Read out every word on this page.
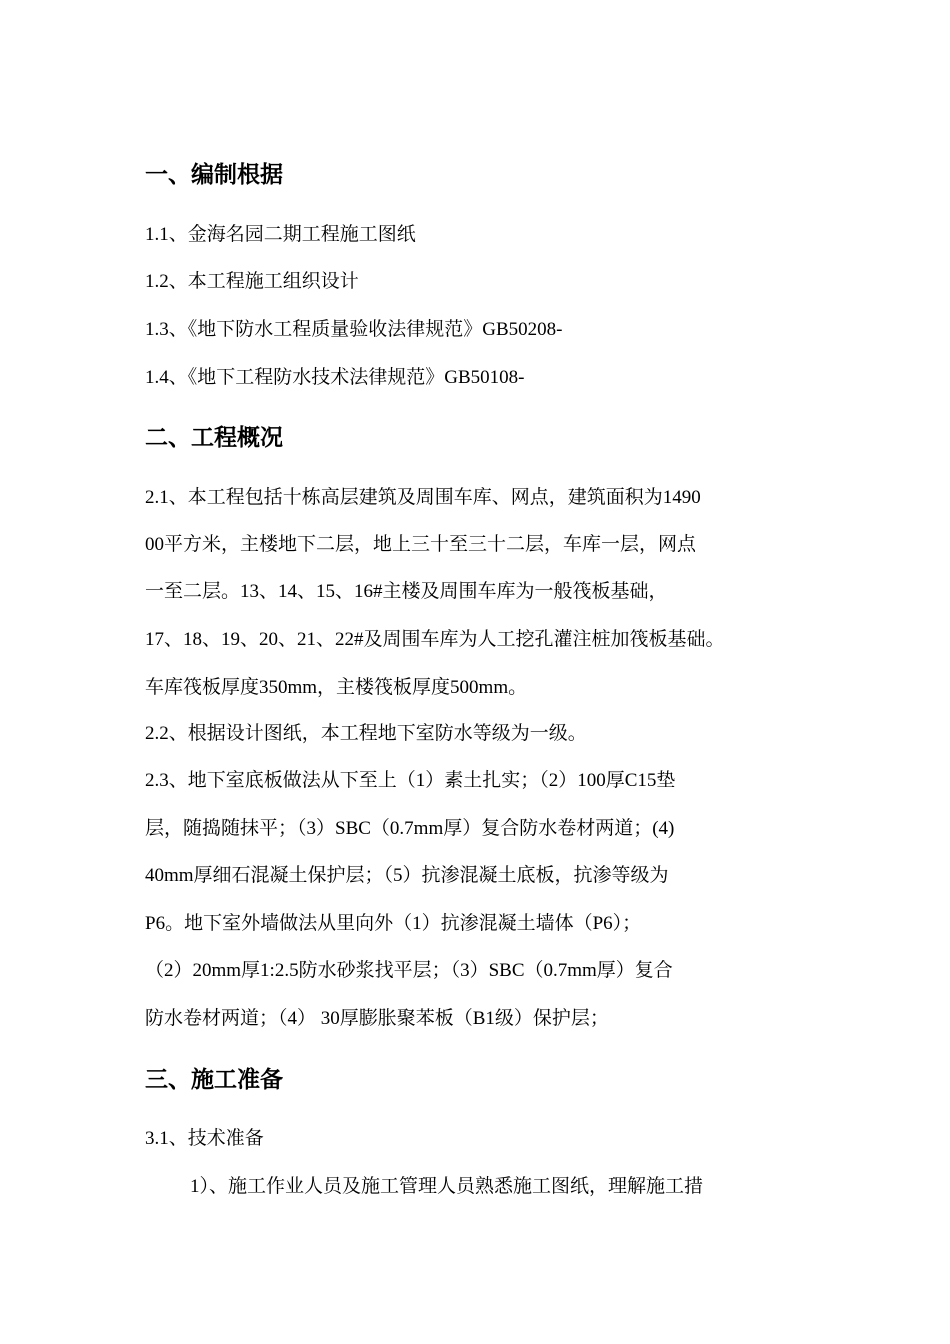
一、编制根据
1.1、金海名园二期工程施工图纸
1.2、本工程施工组织设计
1.3、《地下防水工程质量验收法律规范》GB50208-
1.4、《地下工程防水技术法律规范》GB50108-
二、工程概况
2.1、本工程包括十栋高层建筑及周围车库、网点，建筑面积为1490
00平方米，主楼地下二层，地上三十至三十二层，车库一层，网点
一至二层。13、14、15、16#主楼及周围车库为一般筏板基础，
17、18、19、20、21、22#及周围车库为人工挖孔灌注桩加筏板基础。
车库筏板厚度350mm，主楼筏板厚度500mm。
2.2、根据设计图纸，本工程地下室防水等级为一级。
2.3、地下室底板做法从下至上（1）素土扎实；（2）100厚C15垫
层，随捣随抹平；（3）SBC（0.7mm厚）复合防水卷材两道；(4)
40mm厚细石混凝土保护层；（5）抗渗混凝土底板，抗渗等级为
P6。地下室外墙做法从里向外（1）抗渗混凝土墙体（P6）；
（2）20mm厚1:2.5防水砂浆找平层；（3）SBC（0.7mm厚）复合
防水卷材两道；（4） 30厚膨胀聚苯板（B1级）保护层；
三、施工准备
3.1、技术准备
1）、施工作业人员及施工管理人员熟悉施工图纸，理解施工措
